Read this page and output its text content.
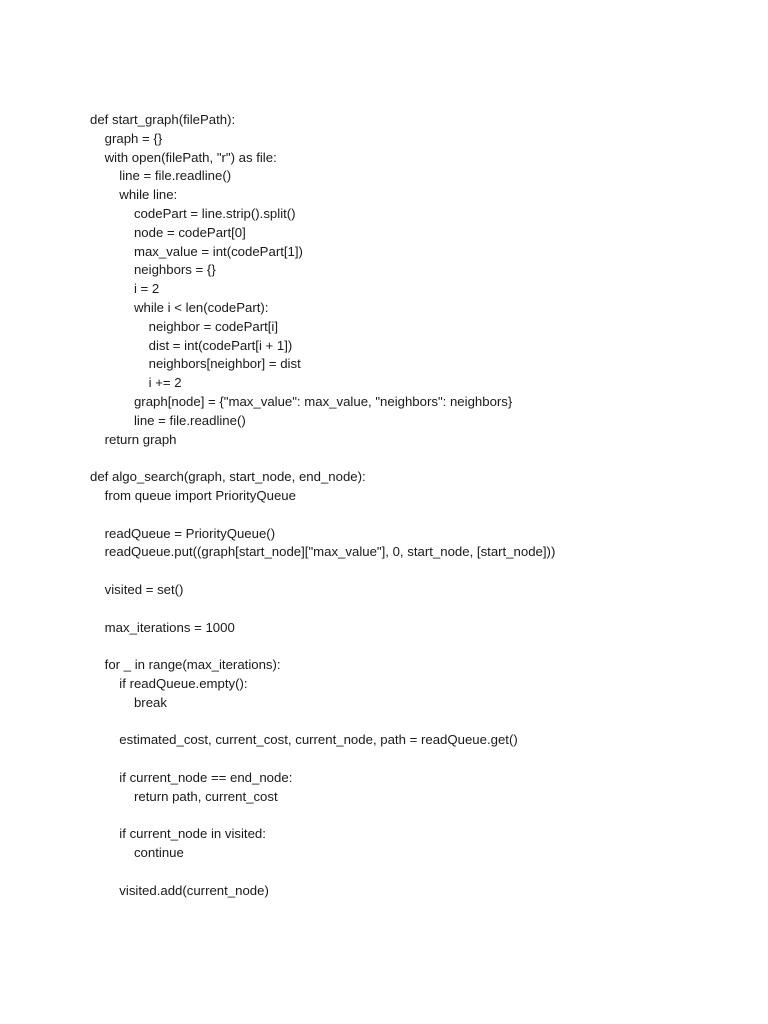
def start_graph(filePath):
graph = {}
with open(filePath, "r") as file:
line = file.readline()
while line:
codePart = line.strip().split()
node = codePart[0]
max_value = int(codePart[1])
neighbors = {}
i = 2
while i < len(codePart):
neighbor = codePart[i]
dist = int(codePart[i + 1])
neighbors[neighbor] = dist
i += 2
graph[node] = {"max_value": max_value, "neighbors": neighbors}
line = file.readline()
return graph
def algo_search(graph, start_node, end_node):
from queue import PriorityQueue
readQueue = PriorityQueue()
readQueue.put((graph[start_node]["max_value"], 0, start_node, [start_node]))
visited = set()
max_iterations = 1000
for _ in range(max_iterations):
if readQueue.empty():
break
estimated_cost, current_cost, current_node, path = readQueue.get()
if current_node == end_node:
return path, current_cost
if current_node in visited:
continue
visited.add(current_node)
